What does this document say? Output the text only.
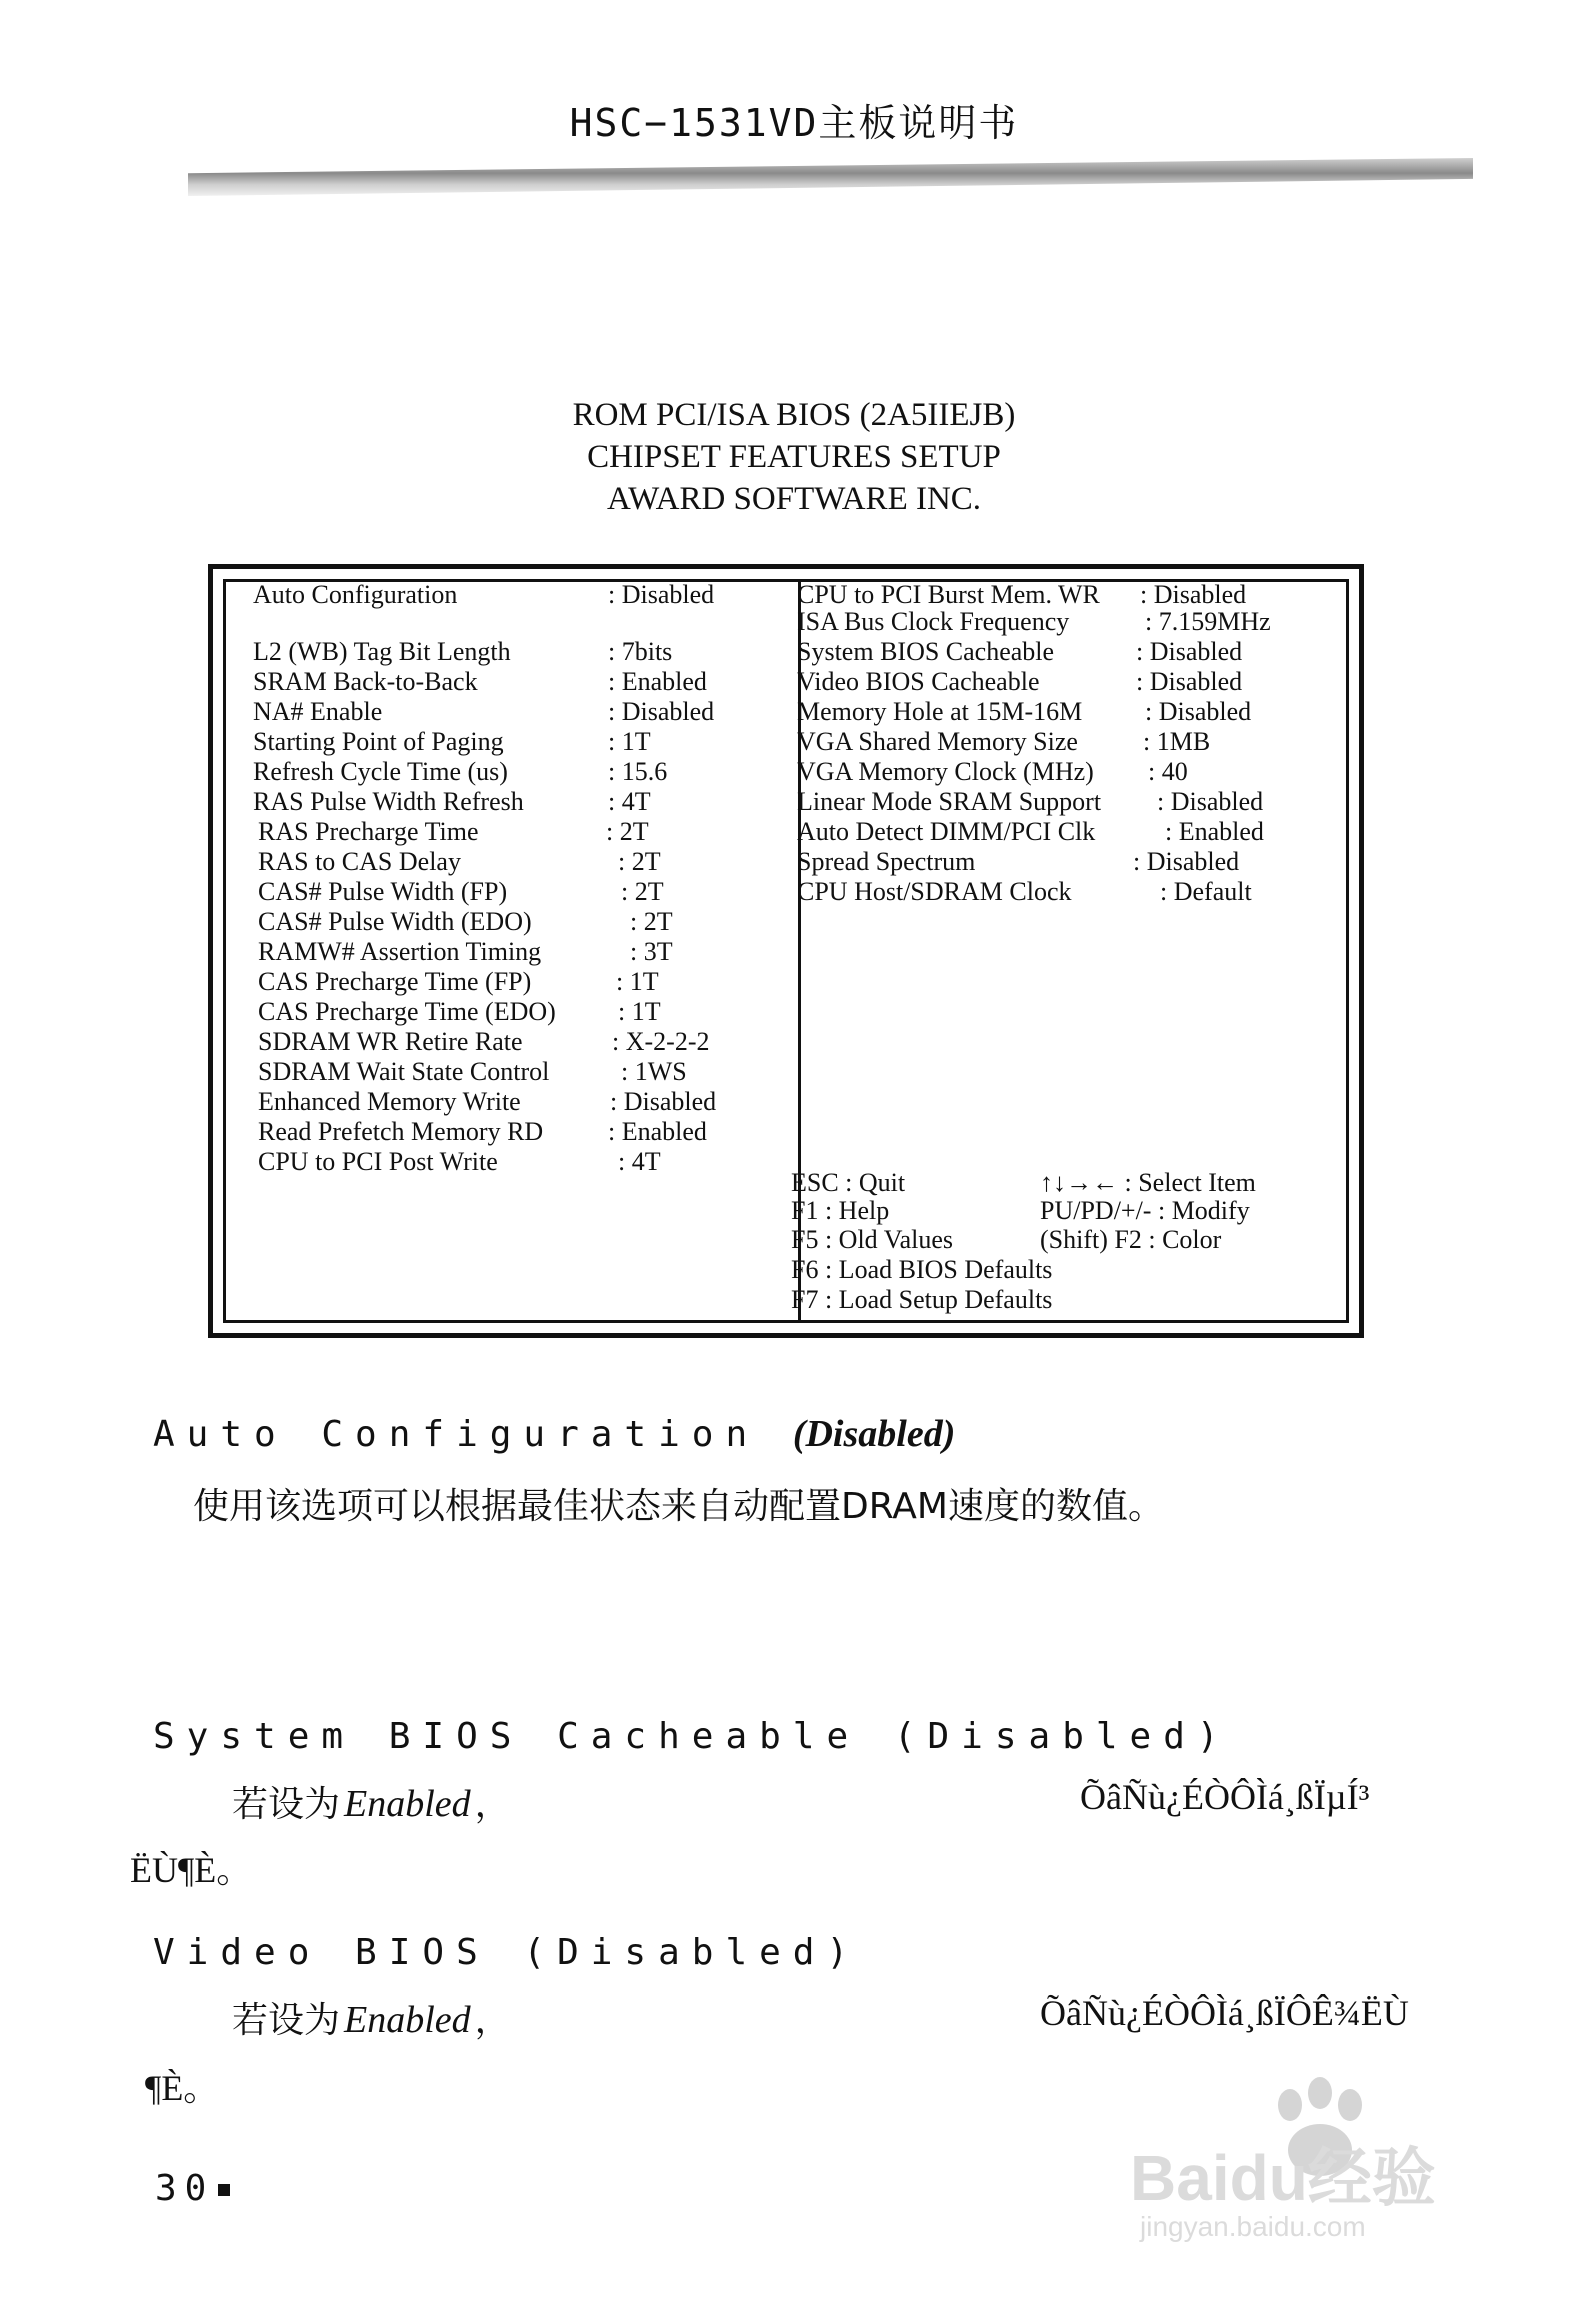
HSC−1531VD主板说明书
ROM PCI/ISA BIOS (2A5IIEJB)
CHIPSET FEATURES SETUP
AWARD SOFTWARE INC.
Auto Configuration	: Disabled
L2 (WB) Tag Bit Length	: 7bits
SRAM Back-to-Back	: Enabled
NA# Enable	: Disabled
Starting Point of Paging	: 1T
Refresh Cycle Time (us)	: 15.6
RAS Pulse Width Refresh	: 4T
RAS Precharge Time	: 2T
RAS to CAS Delay	: 2T
CAS# Pulse Width (FP)	: 2T
CAS# Pulse Width (EDO)	: 2T
RAMW# Assertion Timing	: 3T
CAS Precharge Time (FP)	: 1T
CAS Precharge Time (EDO) : 1T
SDRAM WR Retire Rate	: X-2-2-2
SDRAM Wait State Control	: 1WS
Enhanced Memory Write	: Disabled
Read Prefetch Memory RD : Enabled
CPU to PCI Post Write	: 4T
CPU to PCI Burst Mem. WR : Disabled
ISA Bus Clock Frequency	: 7.159MHz
System BIOS Cacheable	: Disabled
Video BIOS Cacheable	: Disabled
Memory Hole at 15M-16M : Disabled
VGA Shared Memory Size	: 1MB
VGA Memory Clock (MHz) : 40
Linear Mode SRAM Support : Disabled
Auto Detect DIMM/PCI Clk	: Enabled
Spread Spectrum	: Disabled
CPU Host/SDRAM Clock	: Default
ESC : Quit	↑↓→← : Select Item
F1 : Help	PU/PD/+/- : Modify
F5 : Old Values	(Shift) F2 : Color
F6 : Load BIOS Defaults
F7 : Load Setup Defaults
Auto Configuration (Disabled)
使用该选项可以根据最佳状态来自动配置DRAM速度的数值。
System BIOS Cacheable (Disabled)
若设为 Enabled ，	ÕâÑù¿ÉÒÔÌá¸ßÏµÍ³
ËÙ¶È。
Video BIOS (Disabled)
若设为 Enabled ，	ÕâÑù¿ÉÒÔÌá¸ßÏÔÊ¾ËÙ
¶È。
30	Baidu经验
jingyan.baidu.com
